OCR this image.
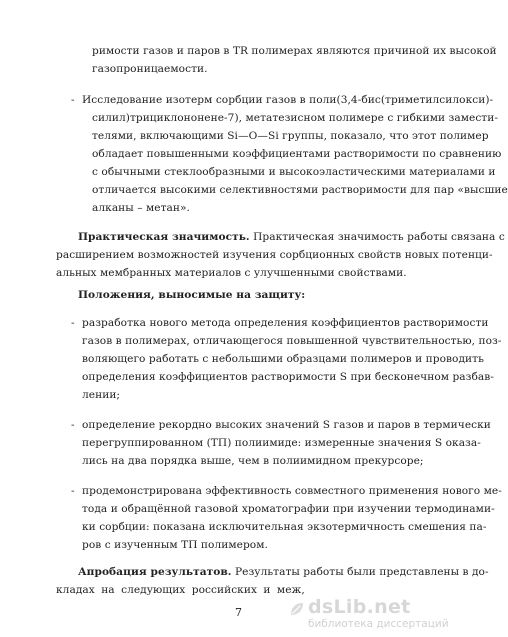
римости газов и паров в TR полимерах являются причиной их высокой
газопроницаемости.
- Исследование изотерм сорбции газов в поли(3,4-бис(триметилсилокси)-
силил)трициклононене-7), метатезисном полимере с гибкими замести-
телями, включающими Si—O—Si группы, показало, что этот полимер
обладает повышенными коэффициентами растворимости по сравнению
с обычными стеклообразными и высокоэластическими материалами и
отличается высокими селективностями растворимости для пар «высшие
алканы – метан».
Практическая значимость. Практическая значимость работы связана с
расширением возможностей изучения сорбционных свойств новых потенци-
альных мембранных материалов с улучшенными свойствами.
Положения, выносимые на защиту:
- разработка нового метода определения коэффициентов растворимости
газов в полимерах, отличающегося повышенной чувствительностью, поз-
воляющего работать с небольшими образцами полимеров и проводить
определения коэффициентов растворимости S при бесконечном разбав-
лении;
- определение рекордно высоких значений S газов и паров в термически
перегруппированном (ТП) полиимиде: измеренные значения S оказа-
лись на два порядка выше, чем в полиимидном прекурсоре;
- продемонстрирована эффективность совместного применения нового ме-
тода и обращённой газовой хроматографии при изучении термодинами-
ки сорбции: показана исключительная экзотермичность смешения па-
ров с изученным ТП полимером.
Апробация результатов. Результаты работы были представлены в до-
кладах на следующих российских и меж,
7	dsLib.net
библиотека диссертаций
